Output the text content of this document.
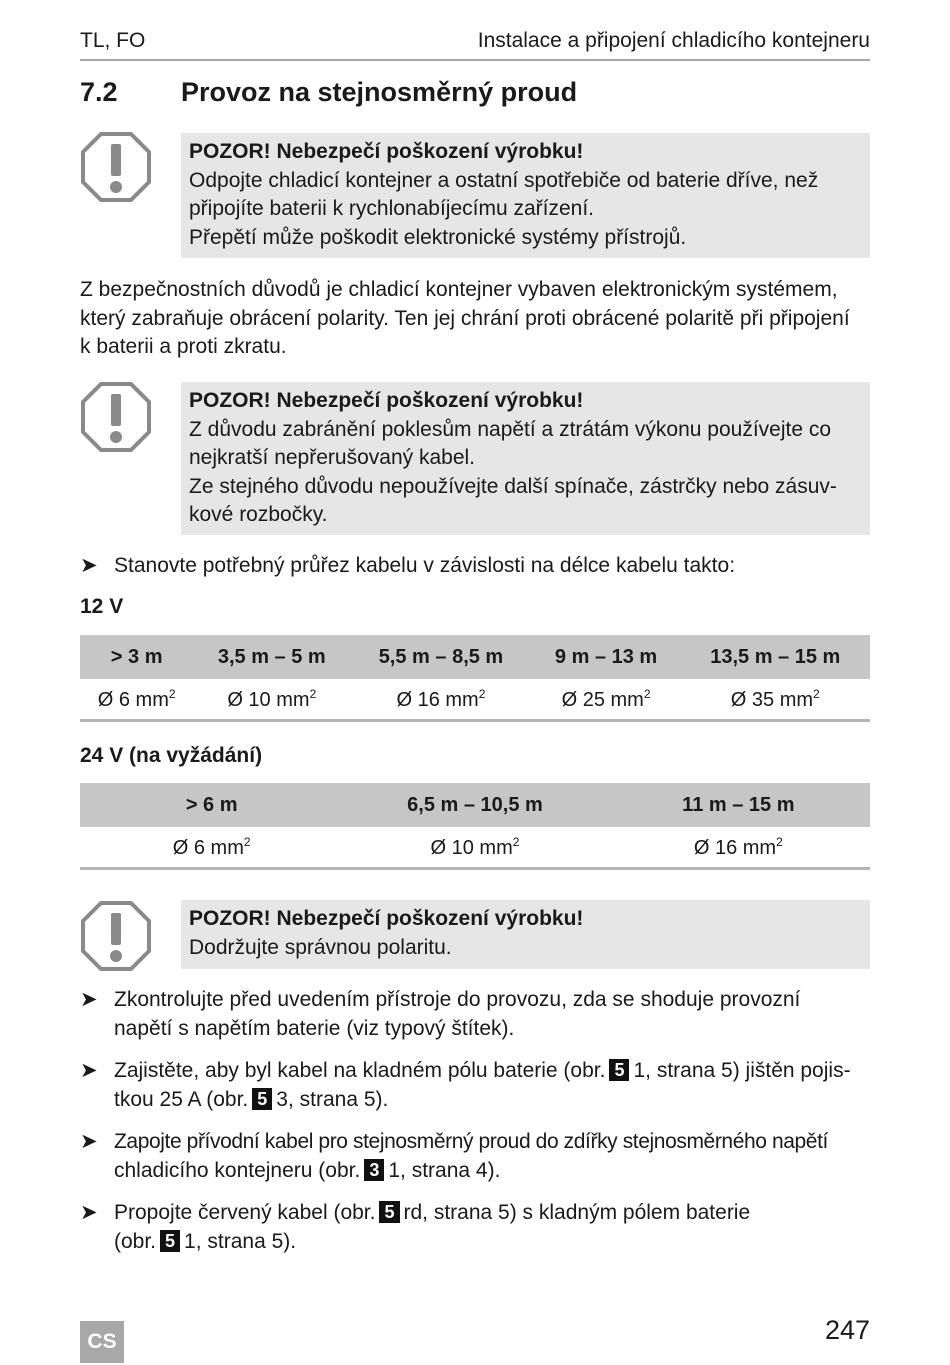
TL, FO	Instalace a připojení chladicího kontejneru
7.2 Provoz na stejnosměrný proud
POZOR! Nebezpečí poškození výrobku!
Odpojte chladicí kontejner a ostatní spotřebiče od baterie dříve, než
připojíte baterii k rychlonabíjecímu zařízení.
Přepětí může poškodit elektronické systémy přístrojů.
Z bezpečnostních důvodů je chladicí kontejner vybaven elektronickým systémem,
který zabraňuje obrácení polarity. Ten jej chrání proti obrácené polaritě při připojení
k baterii a proti zkratu.
POZOR! Nebezpečí poškození výrobku!
Z důvodu zabránění poklesům napětí a ztrátám výkonu používejte co
nejkratší nepřerušovaný kabel.
Ze stejného důvodu nepoužívejte další spínače, zástrčky nebo zásuv-
kové rozbočky.
➤ Stanovte potřebný průřez kabelu v závislosti na délce kabelu takto:
12 V
> 3 m	3,5 m – 5 m	5,5 m – 8,5 m	9 m – 13 m	13,5 m – 15 m
Ø 6 $mm^2$	Ø 10 $mm^2$	Ø 16 $mm^2$	Ø 25 $mm^2$	Ø 35 $mm^2$
24 V (na vyžádání)
> 6 m	6,5 m – 10,5 m	11 m – 15 m
Ø 6 $mm^2$	Ø 10 $mm^2$	Ø 16 $mm^2$
POZOR! Nebezpečí poškození výrobku!
Dodržujte správnou polaritu.
➤ Zkontrolujte před uvedením přístroje do provozu, zda se shoduje provozní
napětí s napětím baterie (viz typový štítek).
➤ Zajistěte, aby byl kabel na kladném pólu baterie (obr. 5 1, strana 5) jištěn pojis-
tkou 25 A (obr. 5 3, strana 5).
➤ Zapojte přívodní kabel pro stejnosměrný proud do zdířky stejnosměrného napětí
chladicího kontejneru (obr. 3 1, strana 4).
➤ Propojte červený kabel (obr. 5 rd, strana 5) s kladným pólem baterie
(obr. 5 1, strana 5).
CS	247
